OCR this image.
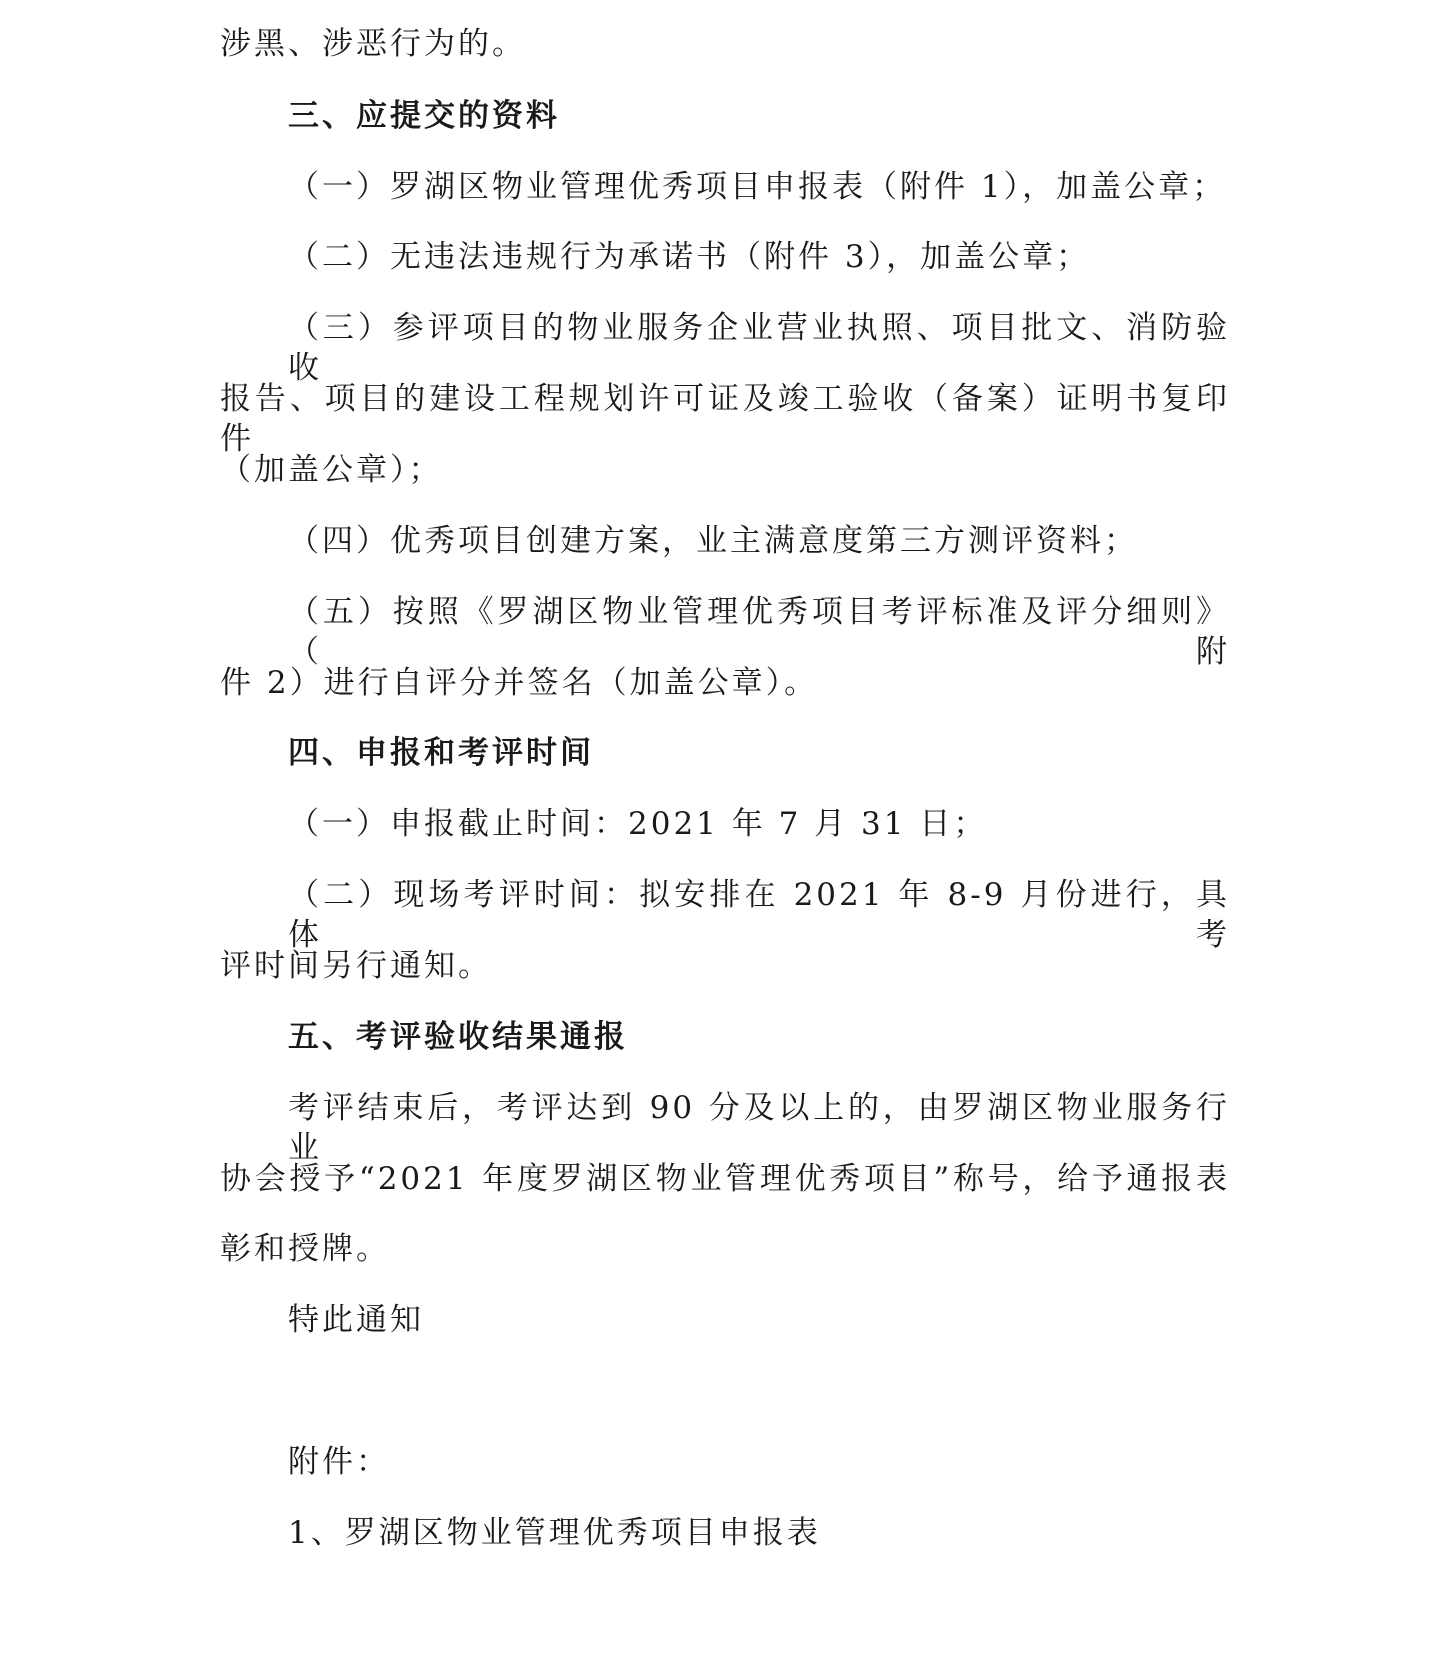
涉黑、涉恶行为的。
三、应提交的资料
（一）罗湖区物业管理优秀项目申报表（附件 1），加盖公章；
（二）无违法违规行为承诺书（附件 3），加盖公章；
（三）参评项目的物业服务企业营业执照、项目批文、消防验收
报告、项目的建设工程规划许可证及竣工验收（备案）证明书复印件
（加盖公章）；
（四）优秀项目创建方案，业主满意度第三方测评资料；
（五）按照《罗湖区物业管理优秀项目考评标准及评分细则》（附
件 2）进行自评分并签名（加盖公章）。
四、申报和考评时间
（一）申报截止时间：2021 年 7 月 31 日；
（二）现场考评时间：拟安排在 2021 年 8-9 月份进行，具体考
评时间另行通知。
五、考评验收结果通报
考评结束后，考评达到 90 分及以上的，由罗湖区物业服务行业
协会授予“2021 年度罗湖区物业管理优秀项目”称号，给予通报表
彰和授牌。
特此通知
附件：
1、罗湖区物业管理优秀项目申报表
